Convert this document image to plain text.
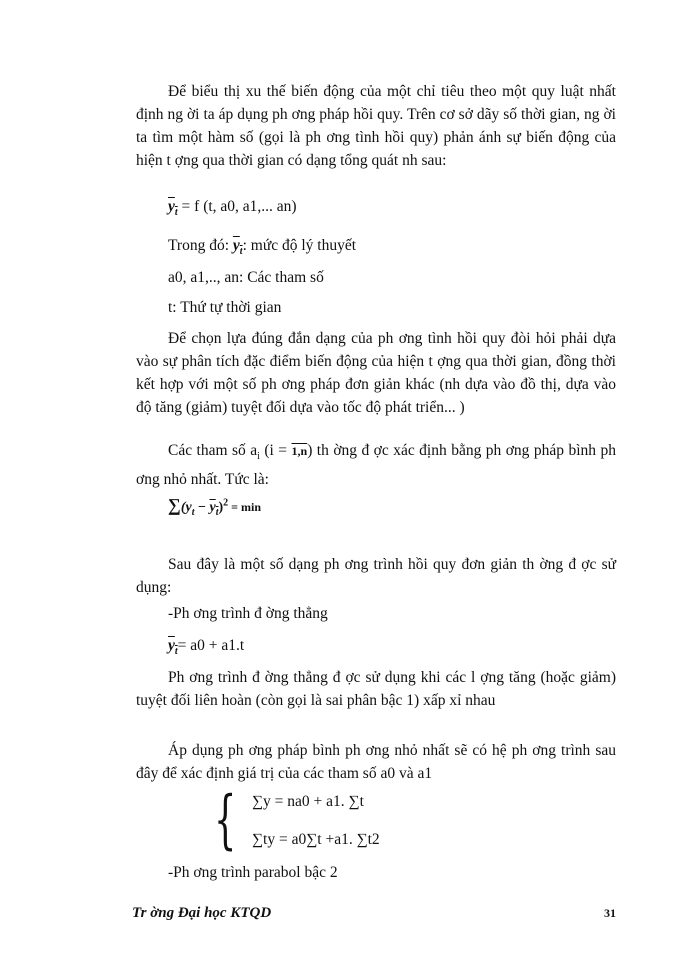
Để biểu thị xu thế biến động của một chỉ tiêu theo một quy luật nhất định ng ời ta áp dụng ph ơng pháp hồi quy. Trên cơ sở dãy số thời gian, ng ời ta tìm một hàm số (gọi là ph ơng tình hồi quy) phản ánh sự biến động của hiện t ợng qua thời gian có dạng tổng quát nh sau:
$y_t = f$ (t, a0, a1,... an)
Trong đó: $y_t$: mức độ lý thuyết
a0, a1,.., an: Các tham số
t: Thứ tự thời gian
Để chọn lựa đúng đắn dạng của ph ơng tình hồi quy đòi hỏi phải dựa vào sự phân tích đặc điểm biến động của hiện t ợng qua thời gian, đồng thời kết hợp với một số ph ơng pháp đơn giản khác (nh dựa vào đồ thị, dựa vào độ tăng (giảm) tuyệt đối dựa vào tốc độ phát triển... )
Các tham số $a_i$ (i = 1,n) th ờng đ ợc xác định bằng ph ơng pháp bình ph ơng nhỏ nhất. Tức là:
$\sum(y_t - y_t)^2 = \min$
Sau đây là một số dạng ph ơng trình hồi quy đơn giản th ờng đ ợc sử dụng:
-Ph ơng trình đ ờng thẳng
$y_t= a0 + a1.t$
Ph ơng trình đ ờng thẳng đ ợc sử dụng khi các l ợng tăng (hoặc giảm) tuyệt đối liên hoàn (còn gọi là sai phân bậc 1) xấp xỉ nhau
Áp dụng ph ơng pháp bình ph ơng nhỏ nhất sẽ có hệ ph ơng trình sau đây để xác định giá trị của các tham số a0 và a1
{ ∑y = na0 + a1. ∑t
∑ty = a0∑t +a1. ∑t2
-Ph ơng trình parabol bậc 2
Tr ờng Đại học KTQD	31
